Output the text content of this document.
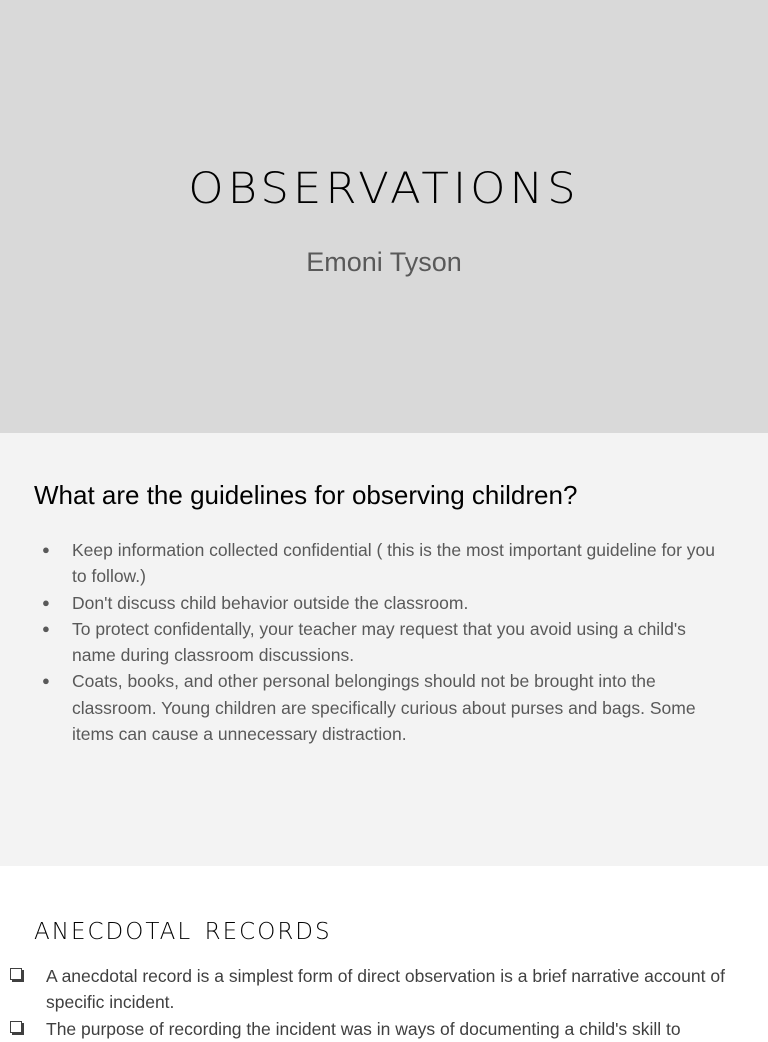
observations
Emoni Tyson
What are the guidelines for observing children?
● Keep information collected confidential ( this is the most important guideline for you to follow.)
● Don't discuss child behavior outside the classroom.
● To protect confidentally, your teacher may request that you avoid using a child's name during classroom discussions.
● Coats, books, and other personal belongings should not be brought into the classroom. Young children are specifically curious about purses and bags. Some items can cause a unnecessary distraction.
anecdotal records
A anecdotal record is a simplest form of direct observation is a brief narrative account of specific incident.
The purpose of recording the incident was in ways of documenting a child's skill to
